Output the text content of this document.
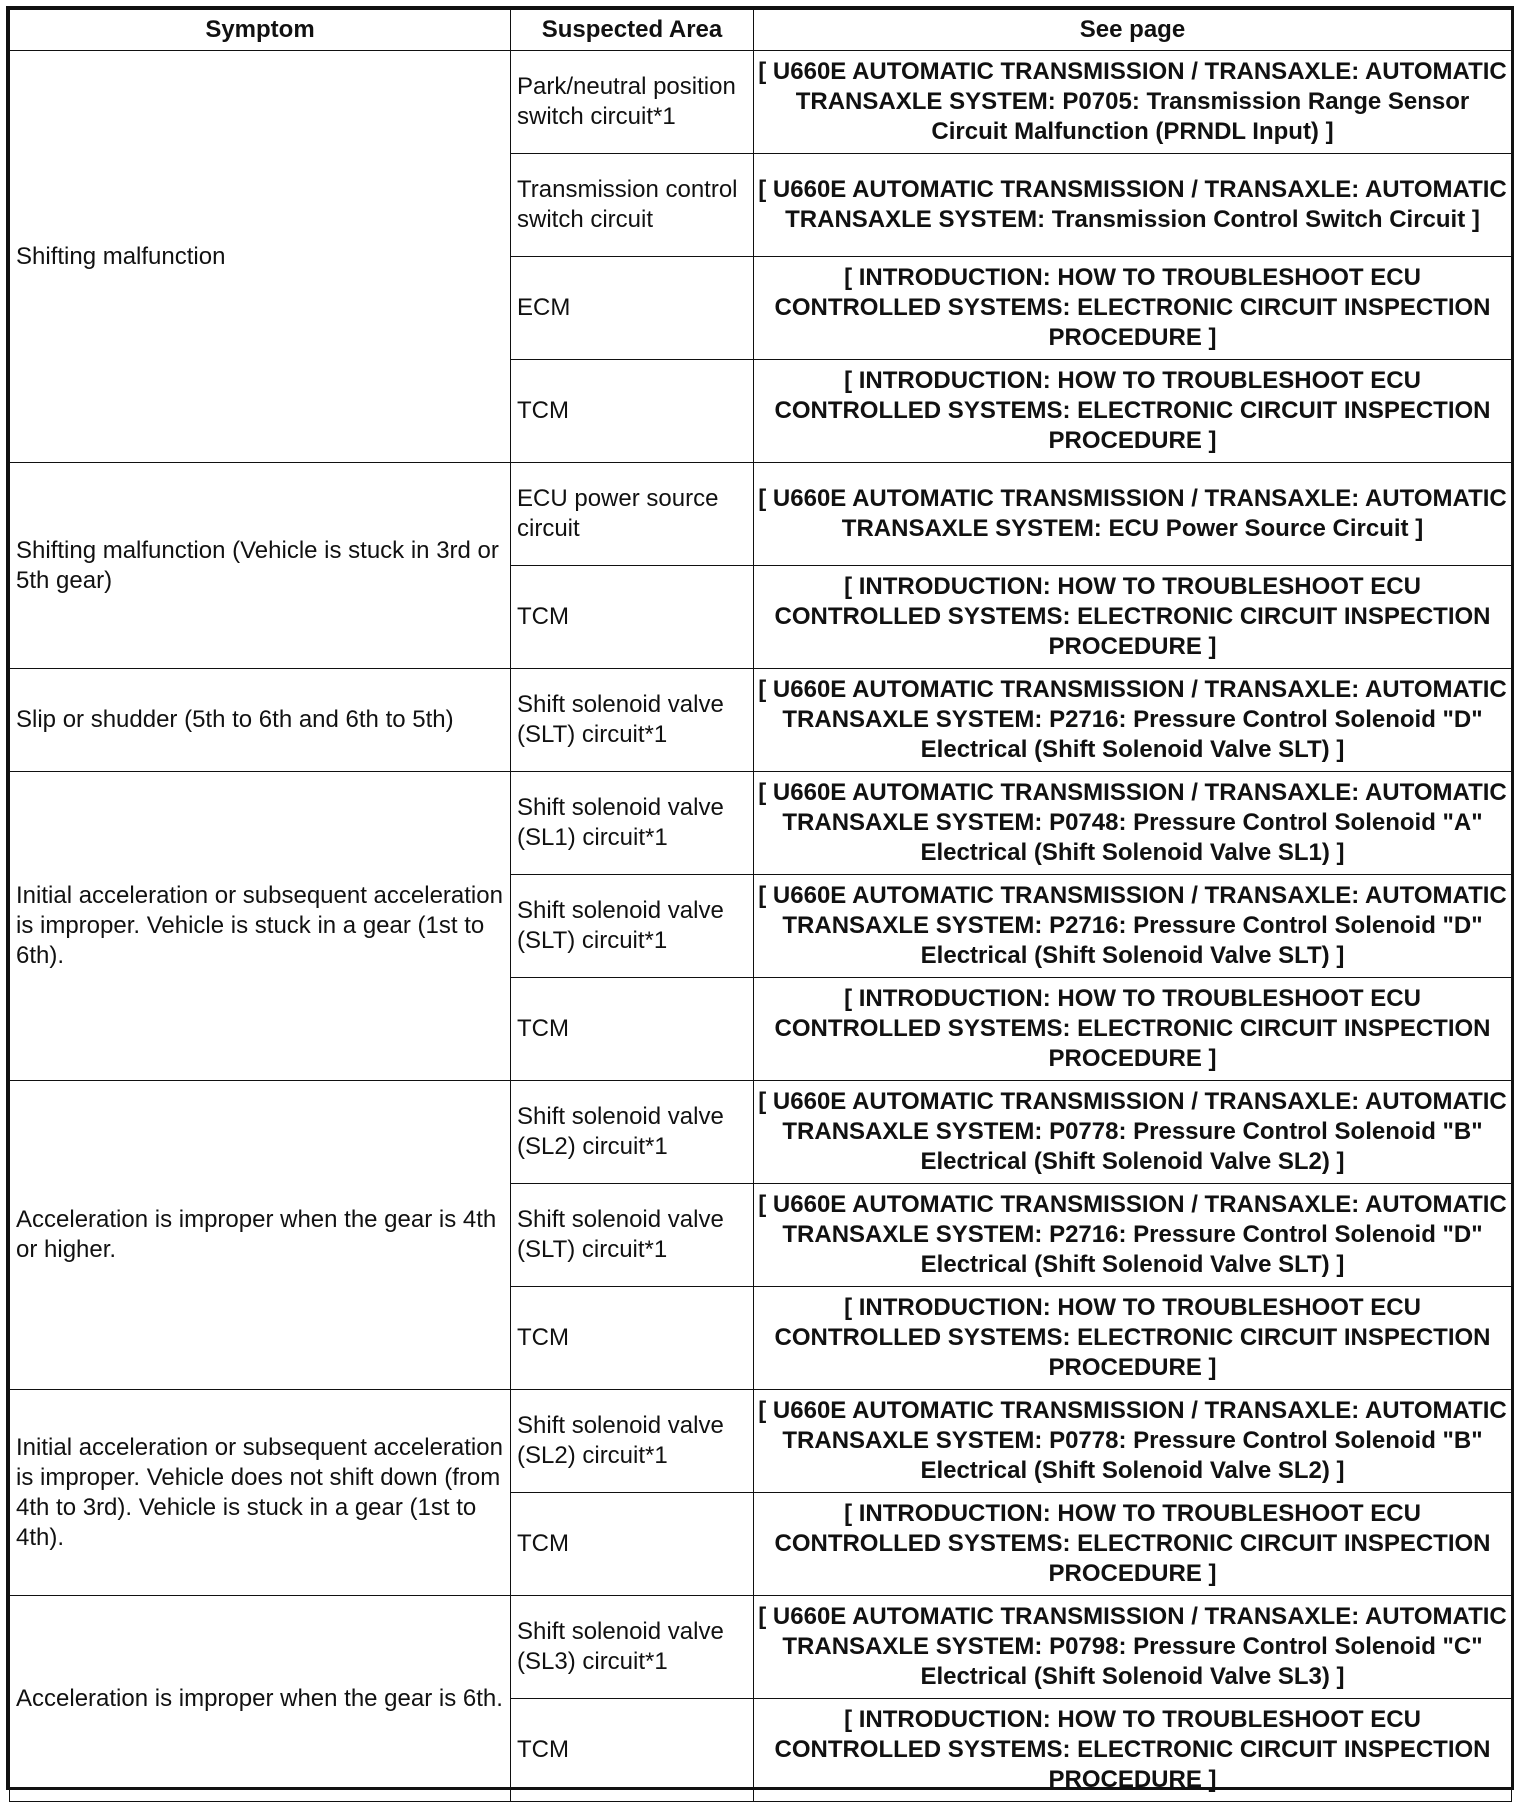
Symptom	Suspected Area	See page
Shifting malfunction	Park/neutral position switch circuit*1	[ U660E AUTOMATIC TRANSMISSION / TRANSAXLE: AUTOMATIC TRANSAXLE SYSTEM: P0705: Transmission Range Sensor Circuit Malfunction (PRNDL Input) ]
	Transmission control switch circuit	[ U660E AUTOMATIC TRANSMISSION / TRANSAXLE: AUTOMATIC TRANSAXLE SYSTEM: Transmission Control Switch Circuit ]
	ECM	[ INTRODUCTION: HOW TO TROUBLESHOOT ECU CONTROLLED SYSTEMS: ELECTRONIC CIRCUIT INSPECTION PROCEDURE ]
	TCM	[ INTRODUCTION: HOW TO TROUBLESHOOT ECU CONTROLLED SYSTEMS: ELECTRONIC CIRCUIT INSPECTION PROCEDURE ]
Shifting malfunction (Vehicle is stuck in 3rd or 5th gear)	ECU power source circuit	[ U660E AUTOMATIC TRANSMISSION / TRANSAXLE: AUTOMATIC TRANSAXLE SYSTEM: ECU Power Source Circuit ]
	TCM	[ INTRODUCTION: HOW TO TROUBLESHOOT ECU CONTROLLED SYSTEMS: ELECTRONIC CIRCUIT INSPECTION PROCEDURE ]
Slip or shudder (5th to 6th and 6th to 5th)	Shift solenoid valve (SLT) circuit*1	[ U660E AUTOMATIC TRANSMISSION / TRANSAXLE: AUTOMATIC TRANSAXLE SYSTEM: P2716: Pressure Control Solenoid "D" Electrical (Shift Solenoid Valve SLT) ]
Initial acceleration or subsequent acceleration is improper. Vehicle is stuck in a gear (1st to 6th).	Shift solenoid valve (SL1) circuit*1	[ U660E AUTOMATIC TRANSMISSION / TRANSAXLE: AUTOMATIC TRANSAXLE SYSTEM: P0748: Pressure Control Solenoid "A" Electrical (Shift Solenoid Valve SL1) ]
	Shift solenoid valve (SLT) circuit*1	[ U660E AUTOMATIC TRANSMISSION / TRANSAXLE: AUTOMATIC TRANSAXLE SYSTEM: P2716: Pressure Control Solenoid "D" Electrical (Shift Solenoid Valve SLT) ]
	TCM	[ INTRODUCTION: HOW TO TROUBLESHOOT ECU CONTROLLED SYSTEMS: ELECTRONIC CIRCUIT INSPECTION PROCEDURE ]
Acceleration is improper when the gear is 4th or higher.	Shift solenoid valve (SL2) circuit*1	[ U660E AUTOMATIC TRANSMISSION / TRANSAXLE: AUTOMATIC TRANSAXLE SYSTEM: P0778: Pressure Control Solenoid "B" Electrical (Shift Solenoid Valve SL2) ]
	Shift solenoid valve (SLT) circuit*1	[ U660E AUTOMATIC TRANSMISSION / TRANSAXLE: AUTOMATIC TRANSAXLE SYSTEM: P2716: Pressure Control Solenoid "D" Electrical (Shift Solenoid Valve SLT) ]
	TCM	[ INTRODUCTION: HOW TO TROUBLESHOOT ECU CONTROLLED SYSTEMS: ELECTRONIC CIRCUIT INSPECTION PROCEDURE ]
Initial acceleration or subsequent acceleration is improper. Vehicle does not shift down (from 4th to 3rd). Vehicle is stuck in a gear (1st to 4th).	Shift solenoid valve (SL2) circuit*1	[ U660E AUTOMATIC TRANSMISSION / TRANSAXLE: AUTOMATIC TRANSAXLE SYSTEM: P0778: Pressure Control Solenoid "B" Electrical (Shift Solenoid Valve SL2) ]
	TCM	[ INTRODUCTION: HOW TO TROUBLESHOOT ECU CONTROLLED SYSTEMS: ELECTRONIC CIRCUIT INSPECTION PROCEDURE ]
Acceleration is improper when the gear is 6th.	Shift solenoid valve (SL3) circuit*1	[ U660E AUTOMATIC TRANSMISSION / TRANSAXLE: AUTOMATIC TRANSAXLE SYSTEM: P0798: Pressure Control Solenoid "C" Electrical (Shift Solenoid Valve SL3) ]
	TCM	[ INTRODUCTION: HOW TO TROUBLESHOOT ECU CONTROLLED SYSTEMS: ELECTRONIC CIRCUIT INSPECTION PROCEDURE ]
